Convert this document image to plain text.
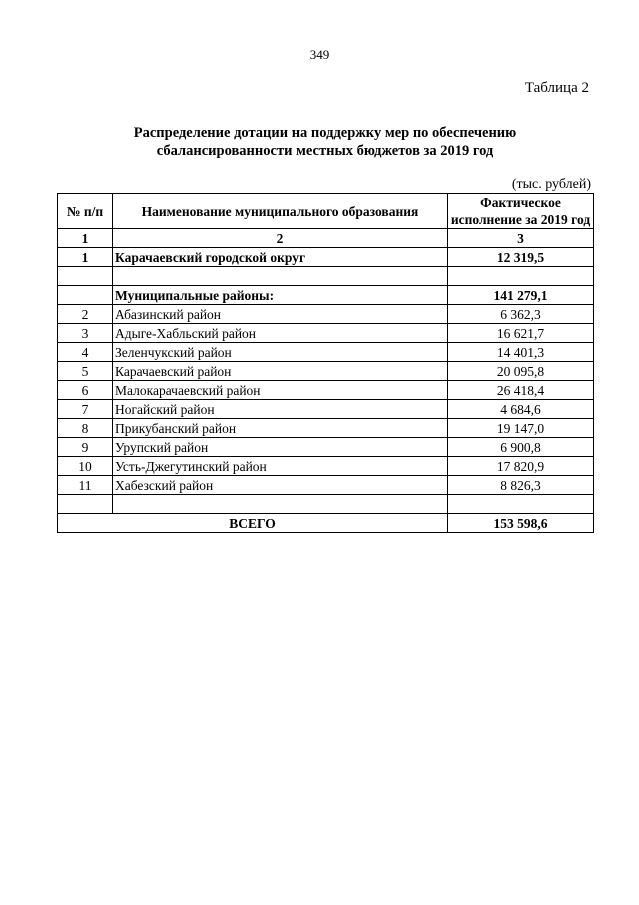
349
Таблица 2
Распределение дотации на поддержку мер по обеспечению
сбалансированности местных бюджетов за 2019 год
(тыс. рублей)
№ п/п	Наименование муниципального образования	Фактическое исполнение за 2019 год
1	2	3
1	Карачаевский городской округ	12 319,5

	Муниципальные районы:	141 279,1
2	Абазинский район	6 362,3
3	Адыге-Хабльский район	16 621,7
4	Зеленчукский район	14 401,3
5	Карачаевский район	20 095,8
6	Малокарачаевский район	26 418,4
7	Ногайский район	4 684,6
8	Прикубанский район	19 147,0
9	Урупский район	6 900,8
10	Усть-Джегутинский район	17 820,9
11	Хабезский район	8 826,3

ВСЕГО		153 598,6
